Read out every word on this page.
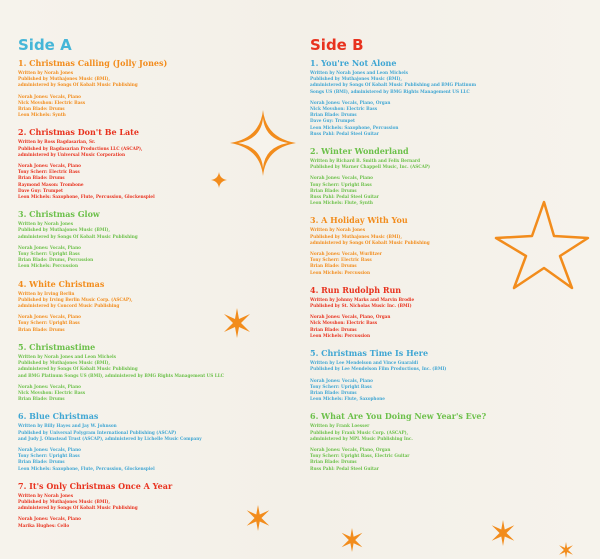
Side A
1. Christmas Calling (Jolly Jones)
Written by Norah Jones
Published by Muthajones Music (BMI),
administered by Songs Of Kobalt Music Publishing
Norah Jones: Vocals, Piano
Nick Movshon: Electric Bass
Brian Blade: Drums
Leon Michels: Synth
2. Christmas Don't Be Late
Written by Ross Bagdasarian, Sr.
Published by Bagdasarian Productions LLC (ASCAP),
administered by Universal Music Corporation
Norah Jones: Vocals, Piano
Tony Scherr: Electric Bass
Brian Blade: Drums
Raymond Mason: Trombone
Dave Guy: Trumpet
Leon Michels: Saxophone, Flute, Percussion, Glockenspiel
3. Christmas Glow
Written by Norah Jones
Published by Muthajones Music (BMI),
administered by Songs Of Kobalt Music Publishing
Norah Jones: Vocals, Piano
Tony Scherr: Upright Bass
Brian Blade: Drums, Percussion
Leon Michels: Percussion
4. White Christmas
Written by Irving Berlin
Published by Irving Berlin Music Corp. (ASCAP),
administered by Concord Music Publishing
Norah Jones: Vocals, Piano
Tony Scherr: Upright Bass
Brian Blade: Drums
5. Christmastime
Written by Norah Jones and Leon Michels
Published by Muthajones Music (BMI),
administered by Songs Of Kobalt Music Publishing
and BMG Platinum Songs US (BMI), administered by BMG Rights Management US LLC
Norah Jones: Vocals, Piano
Nick Movshon: Electric Bass
Brian Blade: Drums
6. Blue Christmas
Written by Billy Hayes and Jay W. Johnson
Published by Universal Polygram International Publishing (ASCAP)
and Judy J. Olmstead Trust (ASCAP), administered by Lichelle Music Company
Norah Jones: Vocals, Piano
Tony Scherr: Upright Bass
Brian Blade: Drums
Leon Michels: Saxophone, Flute, Percussion, Glockenspiel
7. It's Only Christmas Once A Year
Written by Norah Jones
Published by Muthajones Music (BMI),
administered by Songs Of Kobalt Music Publishing
Norah Jones: Vocals, Piano
Marika Hughes: Cello
Side B
1. You're Not Alone
Written by Norah Jones and Leon Michels
Published by Muthajones Music (BMI),
administered by Songs Of Kobalt Music Publishing and BMG Platinum
Songs US (BMI), administered by BMG Rights Management US LLC
Norah Jones: Vocals, Piano, Organ
Nick Movshon: Electric Bass
Brian Blade: Drums
Dave Guy: Trumpet
Leon Michels: Saxophone, Percussion
Russ Pahl: Pedal Steel Guitar
2. Winter Wonderland
Written by Richard B. Smith and Felix Bernard
Published by Warner Chappell Music, Inc. (ASCAP)
Norah Jones: Vocals, Piano
Tony Scherr: Upright Bass
Brian Blade: Drums
Russ Pahl: Pedal Steel Guitar
Leon Michels: Flute, Synth
3. A Holiday With You
Written by Norah Jones
Published by Muthajones Music (BMI),
administered by Songs Of Kobalt Music Publishing
Norah Jones: Vocals, Wurlitzer
Tony Scherr: Electric Bass
Brian Blade: Drums
Leon Michels: Percussion
4. Run Rudolph Run
Written by Johnny Marks and Marvin Brodie
Published by St. Nicholas Music Inc. (BMI)
Norah Jones: Vocals, Piano, Organ
Nick Movshon: Electric Bass
Brian Blade: Drums
Leon Michels: Percussion
5. Christmas Time Is Here
Written by Lee Mendelson and Vince Guaraldi
Published by Lee Mendelson Film Productions, Inc. (BMI)
Norah Jones: Vocals, Piano
Tony Scherr: Upright Bass
Brian Blade: Drums
Leon Michels: Flute, Saxophone
6. What Are You Doing New Year's Eve?
Written by Frank Loesser
Published by Frank Music Corp. (ASCAP),
administered by MPL Music Publishing Inc.
Norah Jones: Vocals, Piano, Organ
Tony Scherr: Upright Bass, Electric Guitar
Brian Blade: Drums
Russ Pahl: Pedal Steel Guitar
